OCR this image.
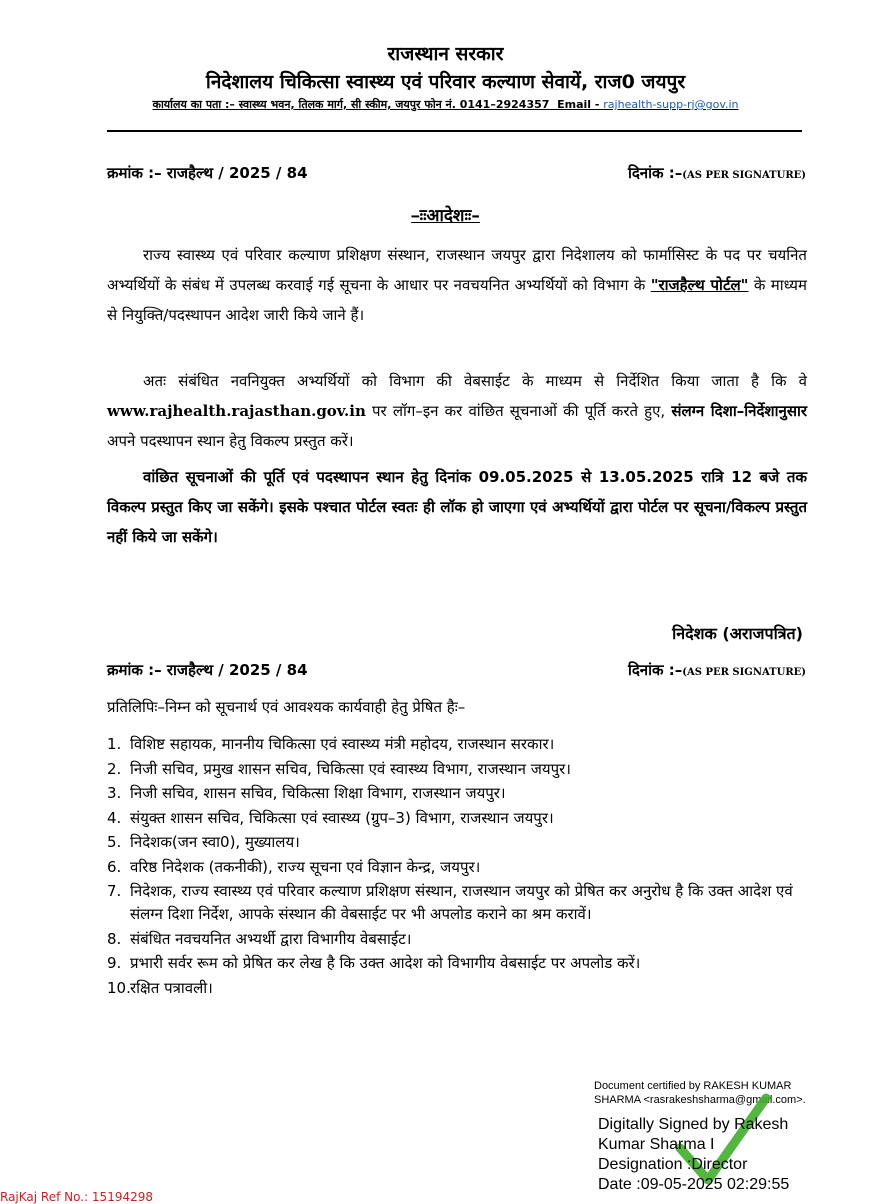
राजस्थान सरकार
निदेशालय चिकित्सा स्वास्थ्य एवं परिवार कल्याण सेवायें, राज0 जयपुर
कार्यालय का पता :– स्वास्थ्य भवन, तिलक मार्ग, सी स्कीम, जयपुर फोन नं. 0141–2924357 Email - rajhealth-supp-rj@gov.in
क्रमांक :– राजहैल्थ / 2025 / 84	दिनांक :–(AS PER SIGNATURE)
–ःःआदेशःः–
राज्य स्वास्थ्य एवं परिवार कल्याण प्रशिक्षण संस्थान, राजस्थान जयपुर द्वारा निदेशालय को फार्मासिस्ट के पद पर चयनित अभ्यर्थियों के संबंध में उपलब्ध करवाई गई सूचना के आधार पर नवचयनित अभ्यर्थियों को विभाग के "राजहैल्थ पोर्टल" के माध्यम से नियुक्ति/पदस्थापन आदेश जारी किये जाने हैं।
अतः संबंधित नवनियुक्त अभ्यर्थियों को विभाग की वेबसाईट के माध्यम से निर्देशित किया जाता है कि वे www.rajhealth.rajasthan.gov.in पर लॉग–इन कर वांछित सूचनाओं की पूर्ति करते हुए, संलग्न दिशा–निर्देशानुसार अपने पदस्थापन स्थान हेतु विकल्प प्रस्तुत करें।
वांछित सूचनाओं की पूर्ति एवं पदस्थापन स्थान हेतु दिनांक 09.05.2025 से 13.05.2025 रात्रि 12 बजे तक विकल्प प्रस्तुत किए जा सकेंगे। इसके पश्चात पोर्टल स्वतः ही लॉक हो जाएगा एवं अभ्यर्थियों द्वारा पोर्टल पर सूचना/विकल्प प्रस्तुत नहीं किये जा सकेंगे।
निदेशक (अराजपत्रित)
क्रमांक :– राजहैल्थ / 2025 / 84	दिनांक :–(AS PER SIGNATURE)
प्रतिलिपिः–निम्न को सूचनार्थ एवं आवश्यक कार्यवाही हेतु प्रेषित हैः–
1. विशिष्ट सहायक, माननीय चिकित्सा एवं स्वास्थ्य मंत्री महोदय, राजस्थान सरकार।
2. निजी सचिव, प्रमुख शासन सचिव, चिकित्सा एवं स्वास्थ्य विभाग, राजस्थान जयपुर।
3. निजी सचिव, शासन सचिव, चिकित्सा शिक्षा विभाग, राजस्थान जयपुर।
4. संयुक्त शासन सचिव, चिकित्सा एवं स्वास्थ्य (ग्रुप–3) विभाग, राजस्थान जयपुर।
5. निदेशक(जन स्वा0), मुख्यालय।
6. वरिष्ठ निदेशक (तकनीकी), राज्य सूचना एवं विज्ञान केन्द्र, जयपुर।
7. निदेशक, राज्य स्वास्थ्य एवं परिवार कल्याण प्रशिक्षण संस्थान, राजस्थान जयपुर को प्रेषित कर अनुरोध है कि उक्त आदेश एवं संलग्न दिशा निर्देश, आपके संस्थान की वेबसाईट पर भी अपलोड कराने का श्रम करावें।
8. संबंधित नवचयनित अभ्यर्थी द्वारा विभागीय वेबसाईट।
9. प्रभारी सर्वर रूम को प्रेषित कर लेख है कि उक्त आदेश को विभागीय वेबसाईट पर अपलोड करें।
10. रक्षित पत्रावली।
Document certified by RAKESH KUMAR SHARMA <rasrakeshsharma@gmail.com>.
Digitally Signed by Rakesh Kumar Sharma I
Designation :Director
Date :09-05-2025 02:29:55
RajKaj Ref No.: 15194298
